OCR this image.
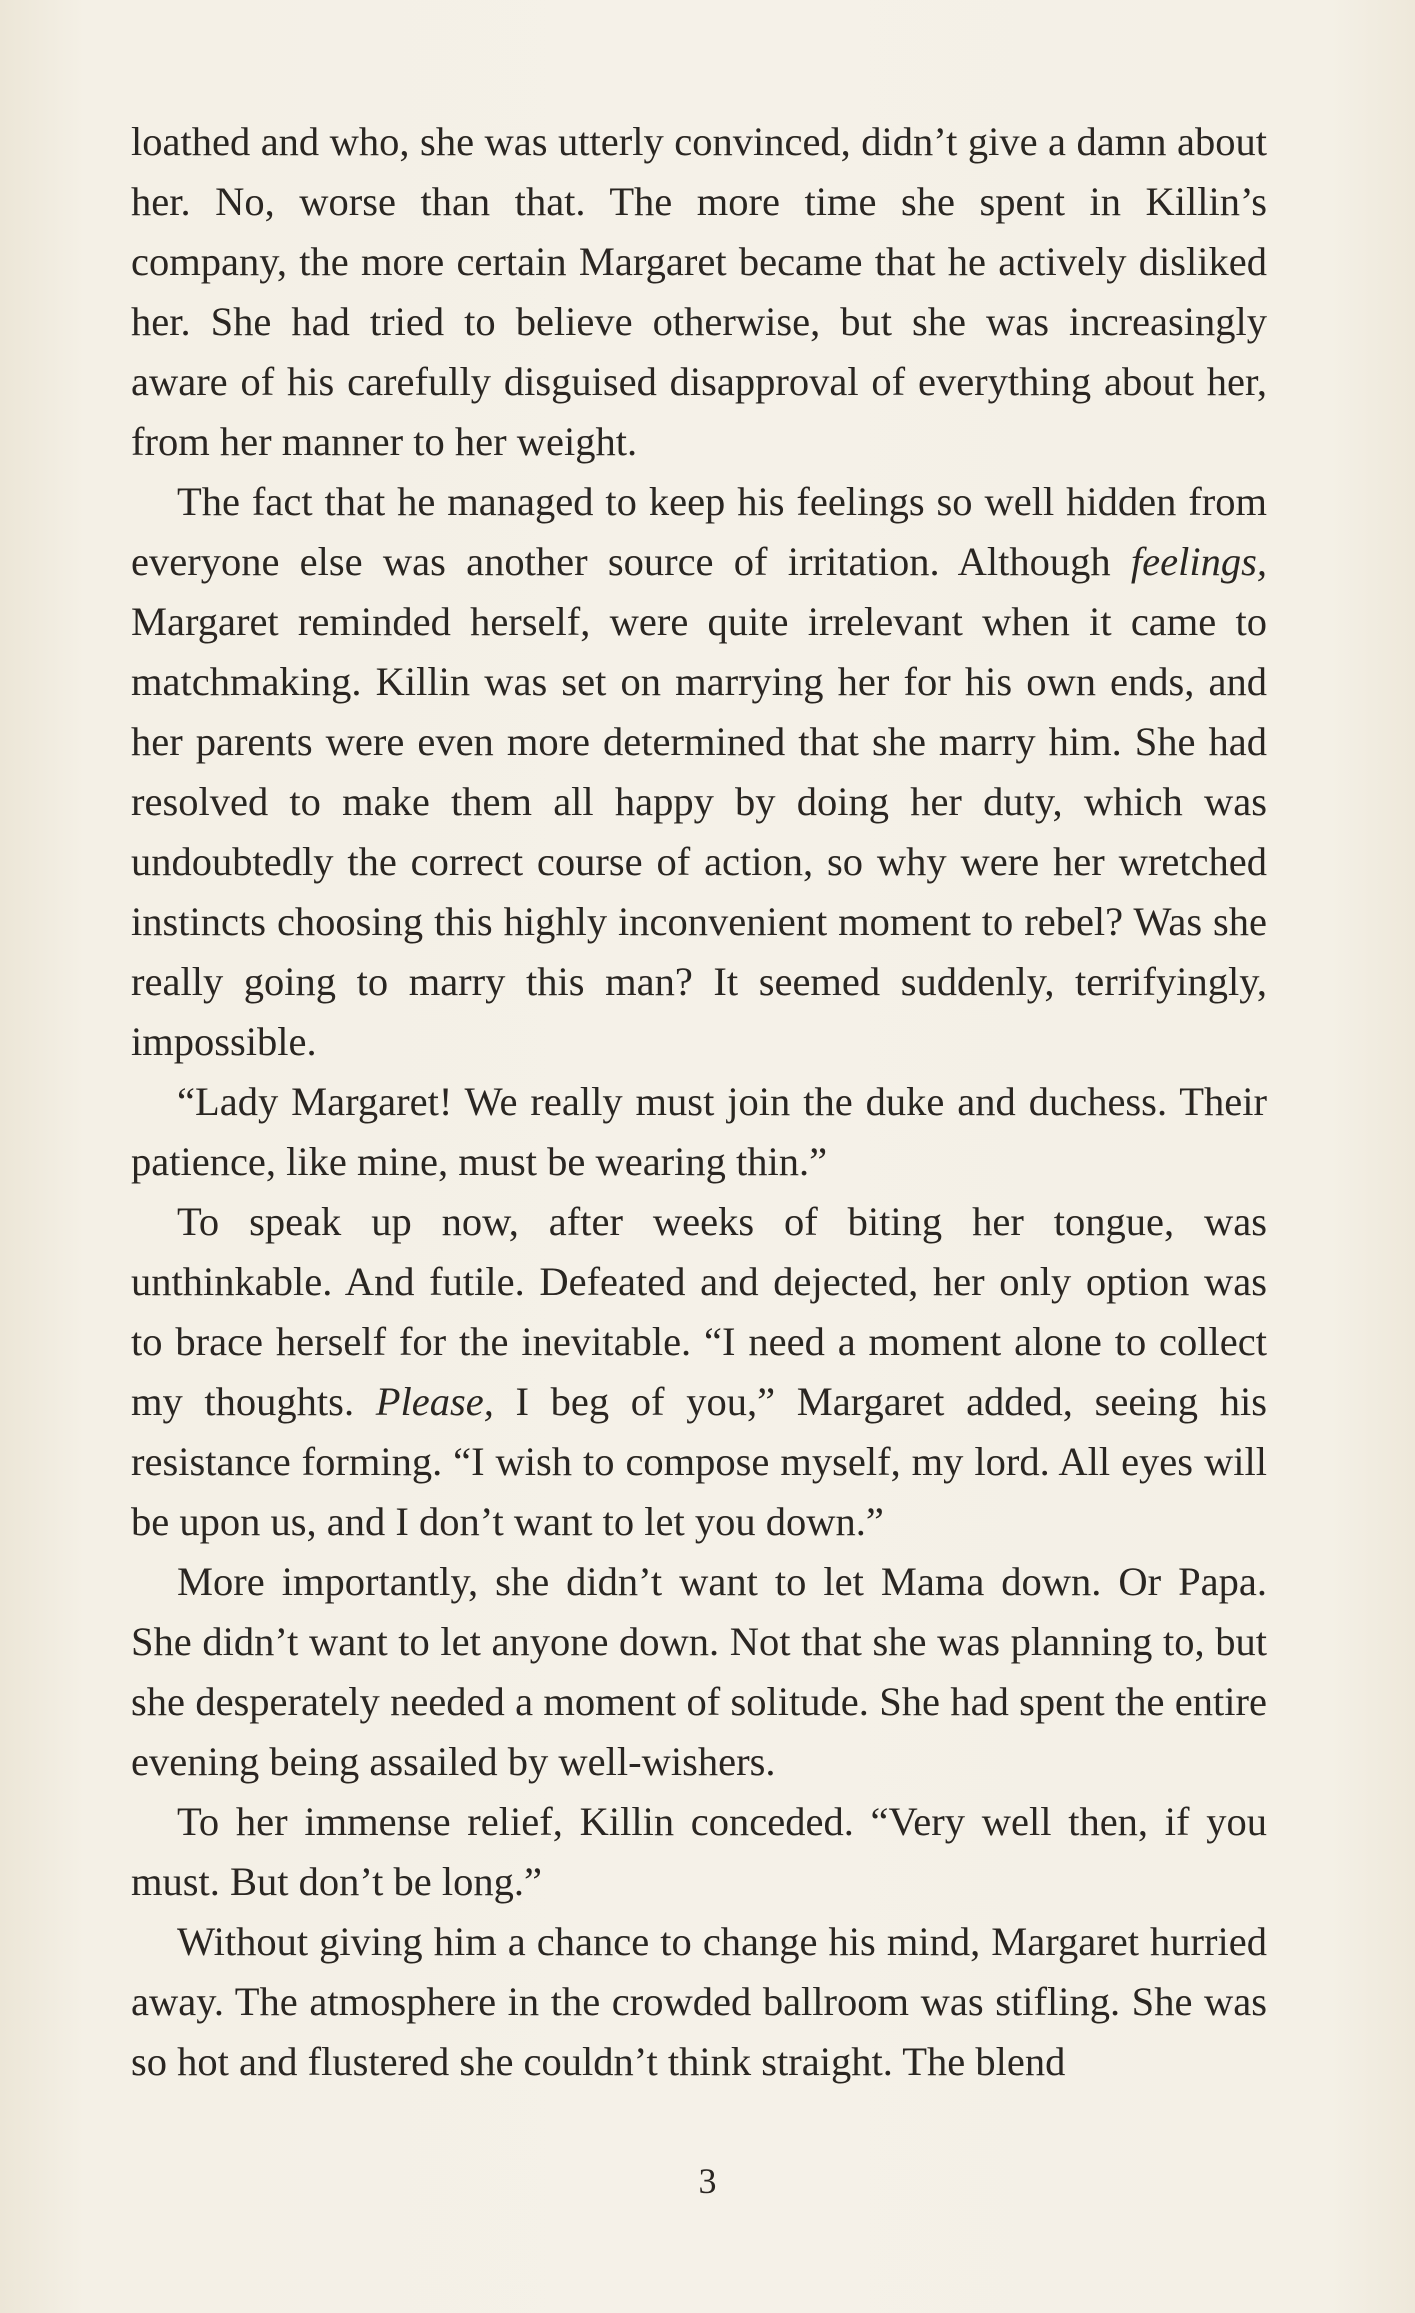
loathed and who, she was utterly convinced, didn’t give a damn about her. No, worse than that. The more time she spent in Killin’s company, the more certain Margaret became that he actively disliked her. She had tried to believe otherwise, but she was increasingly aware of his carefully disguised disapproval of everything about her, from her manner to her weight.

The fact that he managed to keep his feelings so well hidden from everyone else was another source of irritation. Although feelings, Margaret reminded herself, were quite irrelevant when it came to matchmaking. Killin was set on marrying her for his own ends, and her parents were even more determined that she marry him. She had resolved to make them all happy by doing her duty, which was undoubtedly the correct course of action, so why were her wretched instincts choosing this highly inconvenient moment to rebel? Was she really going to marry this man? It seemed suddenly, terrifyingly, impossible.

“Lady Margaret! We really must join the duke and duchess. Their patience, like mine, must be wearing thin.”

To speak up now, after weeks of biting her tongue, was unthinkable. And futile. Defeated and dejected, her only option was to brace herself for the inevitable. “I need a moment alone to collect my thoughts. Please, I beg of you,” Margaret added, seeing his resistance forming. “I wish to compose myself, my lord. All eyes will be upon us, and I don’t want to let you down.”

More importantly, she didn’t want to let Mama down. Or Papa. She didn’t want to let anyone down. Not that she was planning to, but she desperately needed a moment of solitude. She had spent the entire evening being assailed by well-wishers.

To her immense relief, Killin conceded. “Very well then, if you must. But don’t be long.”

Without giving him a chance to change his mind, Margaret hurried away. The atmosphere in the crowded ballroom was stifling. She was so hot and flustered she couldn’t think straight. The blend

3
